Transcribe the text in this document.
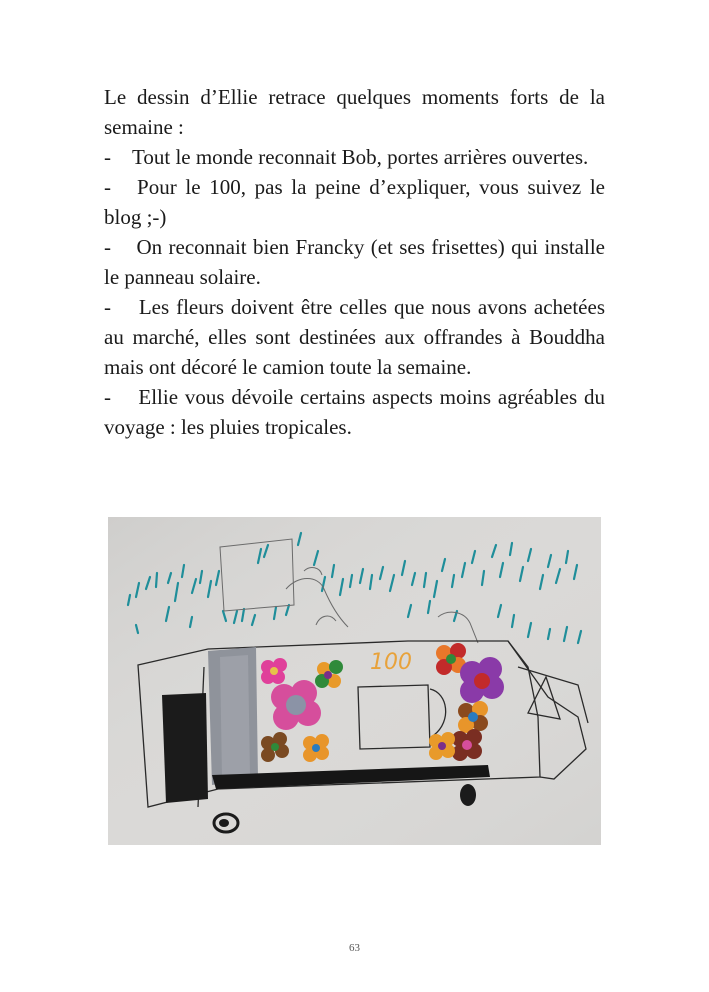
Le dessin d’Ellie retrace quelques moments forts de la semaine :

-    Tout le monde reconnait Bob, portes arrières ouvertes.

-   Pour le 100, pas la peine d’expliquer, vous suivez le blog ;-)

-    On reconnait bien Francky (et ses frisettes) qui installe le panneau solaire.

-    Les fleurs doivent être celles que nous avons achetées au marché, elles sont destinées aux offrandes à Bouddha mais ont décoré le camion toute la semaine.

-    Ellie vous dévoile certains aspects moins agréables du voyage : les pluies tropicales.

100
63
